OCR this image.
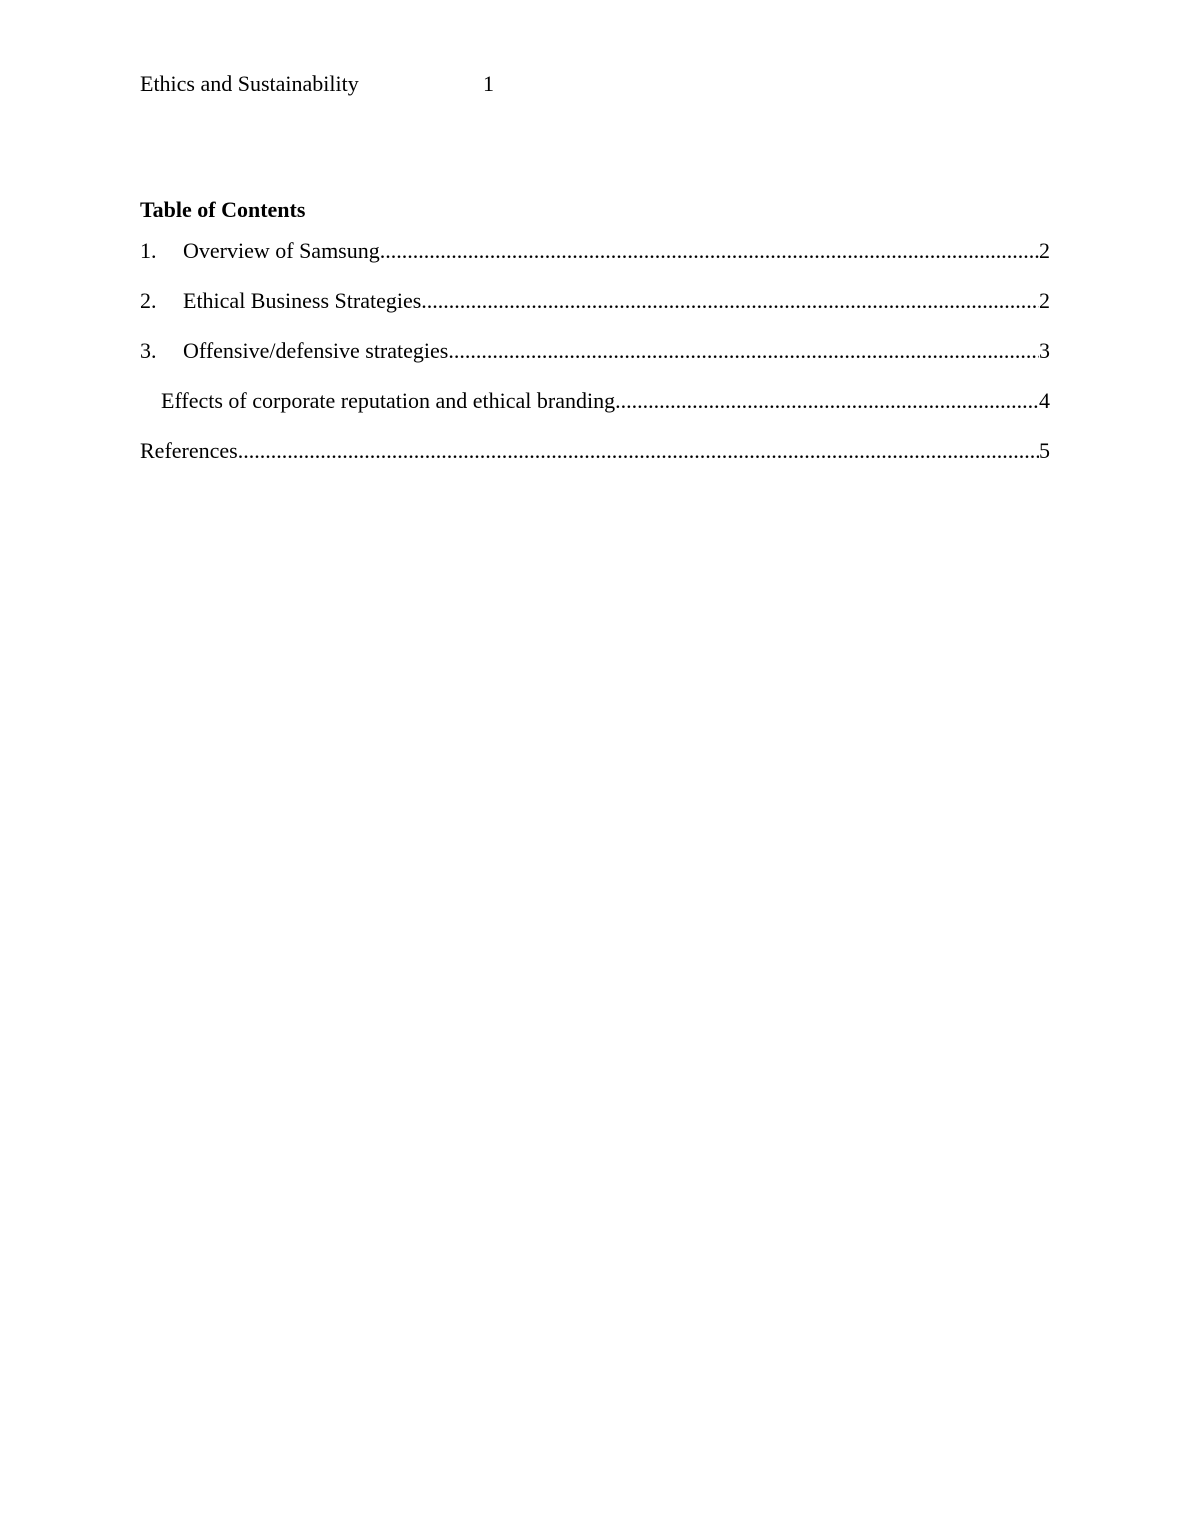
Ethics and Sustainability	1
Table of Contents
1.	Overview of Samsung .....	2
2.	Ethical Business Strategies .....	2
3.	Offensive/defensive strategies .....	3
Effects of corporate reputation and ethical branding .....	4
References .....	5
